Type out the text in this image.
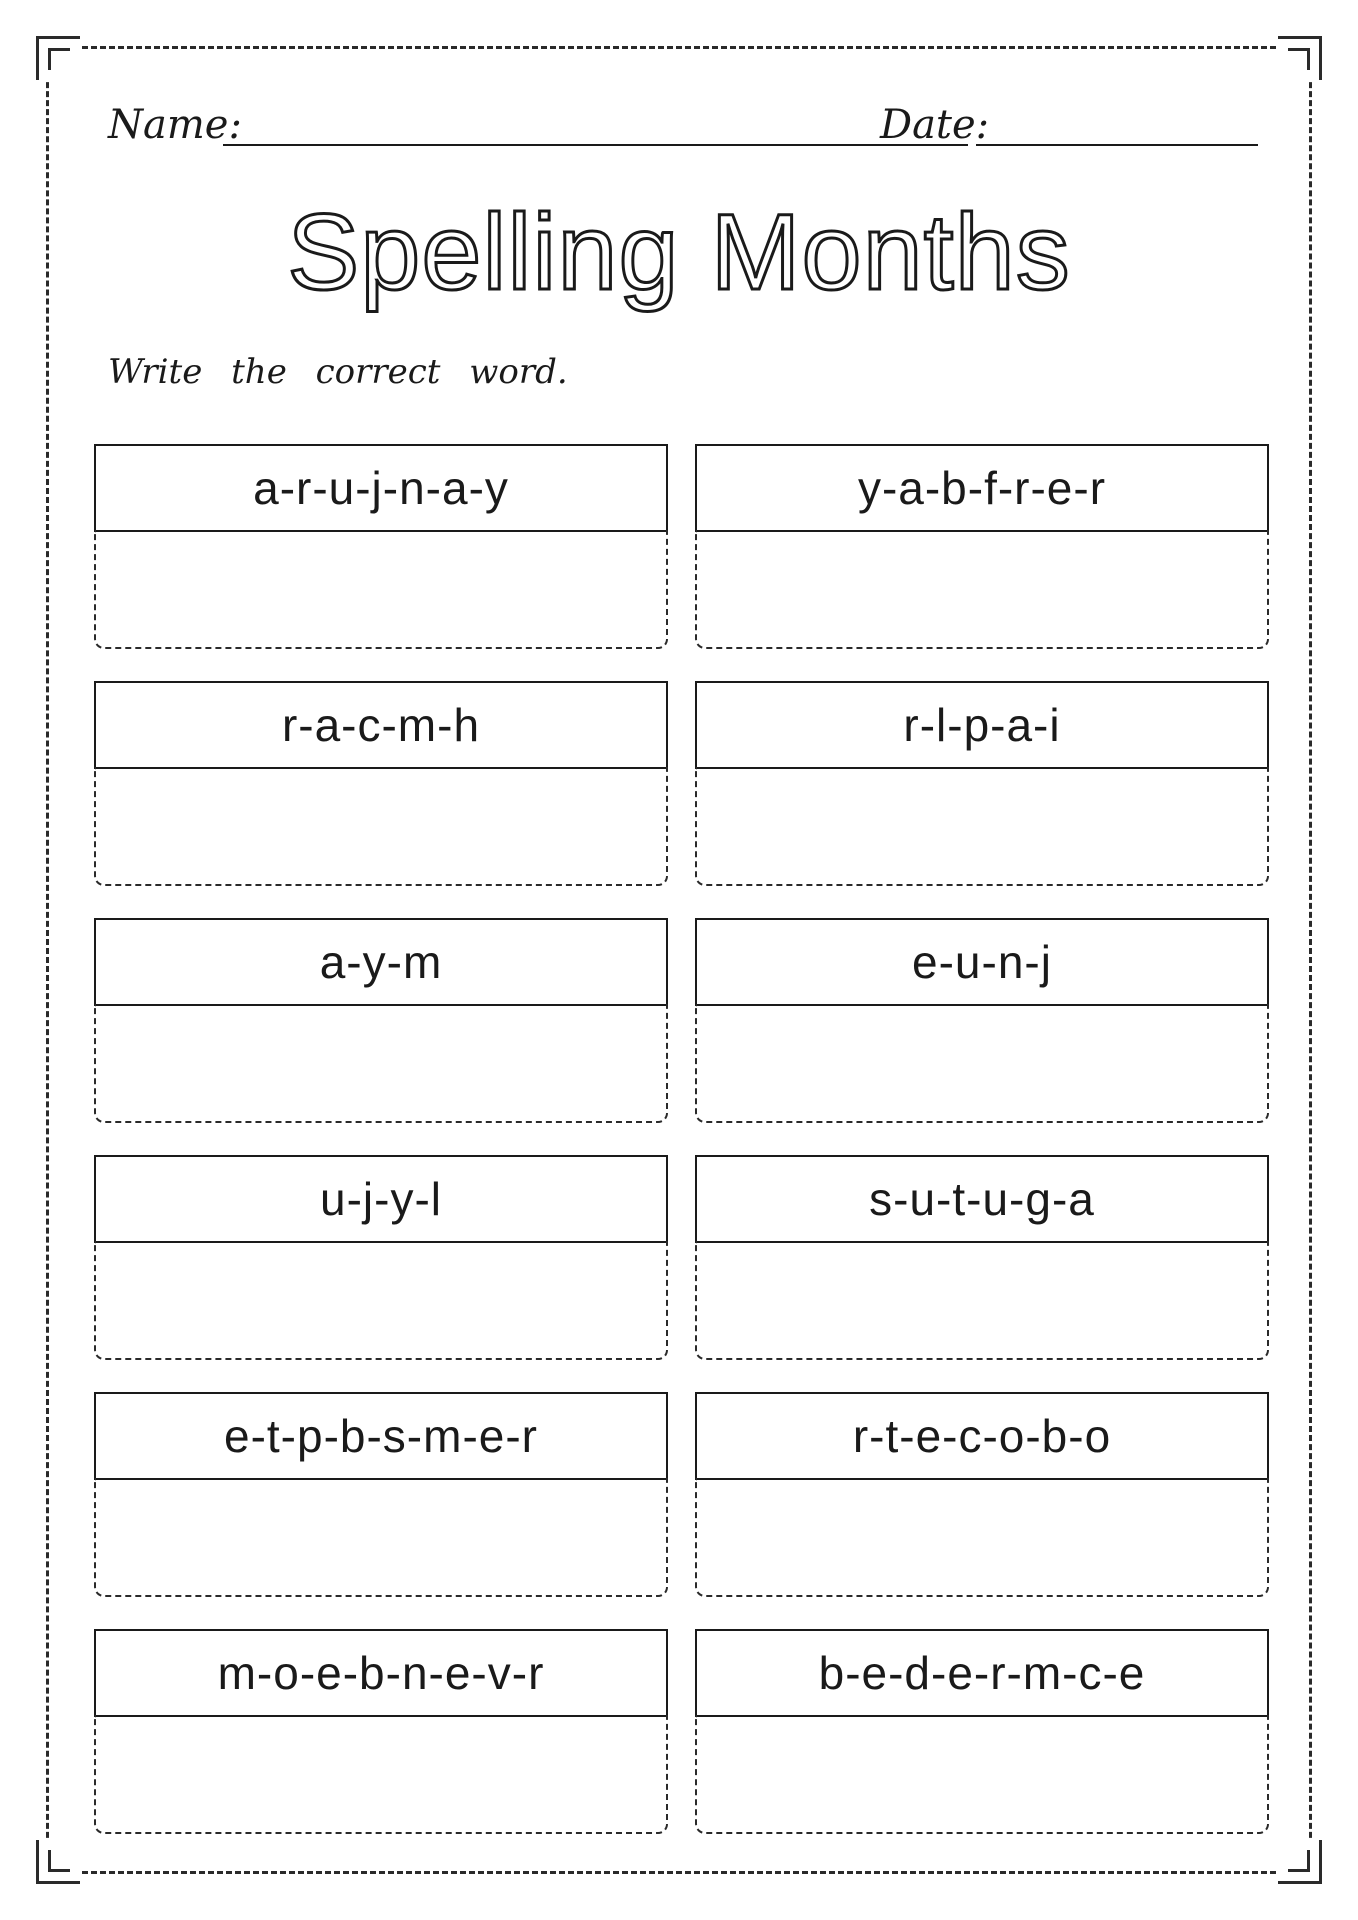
Name:	Date:
Spelling Months
Write the correct word.
a-r-u-j-n-a-y	y-a-b-f-r-e-r
r-a-c-m-h	r-l-p-a-i
a-y-m	e-u-n-j
u-j-y-l	s-u-t-u-g-a
e-t-p-b-s-m-e-r	r-t-e-c-o-b-o
m-o-e-b-n-e-v-r	b-e-d-e-r-m-c-e
